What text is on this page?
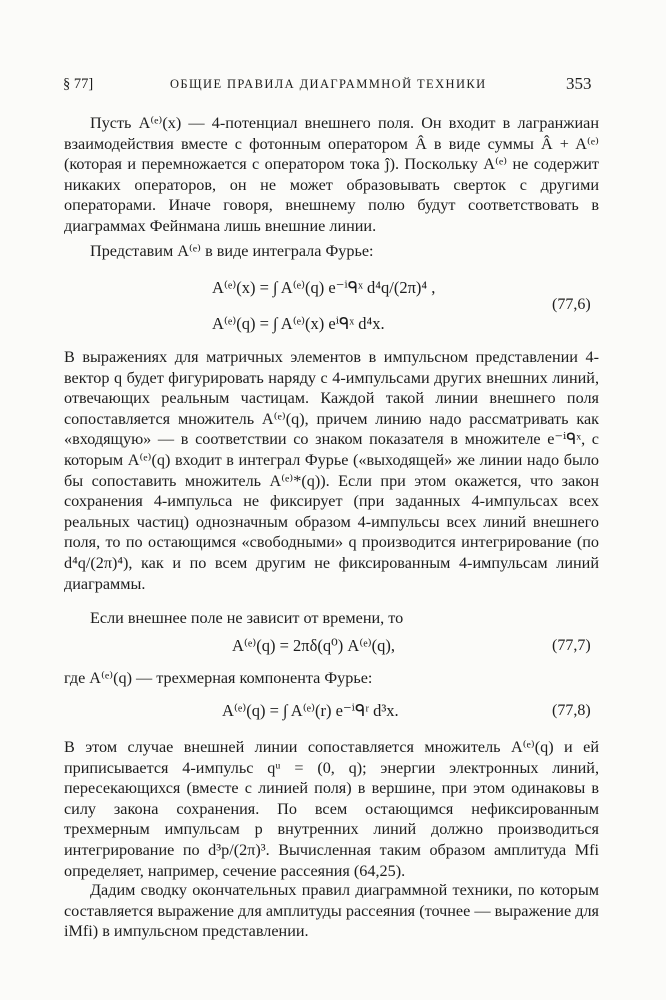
§ 77]	ОБЩИЕ ПРАВИЛА ДИАГРАММНОЙ ТЕХНИКИ	353

Пусть A⁽ᵉ⁾(x) — 4-потенциал внешнего поля. Он входит в лагранжиан взаимодействия вместе с фотонным оператором Â в виде суммы Â + A⁽ᵉ⁾ (которая и перемножается с оператором тока ĵ). Поскольку A⁽ᵉ⁾ не содержит никаких операторов, он не может образовывать сверток с другими операторами. Иначе говоря, внешнему полю будут соответствовать в диаграммах Фейнмана лишь внешние линии.

Представим A⁽ᵉ⁾ в виде интеграла Фурье:

A⁽ᵉ⁾(x) = ∫ A⁽ᵉ⁾(q) e⁻ⁱᑫˣ d⁴q/(2π)⁴ ,
A⁽ᵉ⁾(q) = ∫ A⁽ᵉ⁾(x) eⁱᑫˣ d⁴x.
(77,6)

В выражениях для матричных элементов в импульсном представлении 4-вектор q будет фигурировать наряду с 4-импульсами других внешних линий, отвечающих реальным частицам. Каждой такой линии внешнего поля сопоставляется множитель A⁽ᵉ⁾(q), причем линию надо рассматривать как «входящую» — в соответствии со знаком показателя в множителе e⁻ⁱᑫˣ, с которым A⁽ᵉ⁾(q) входит в интеграл Фурье («выходящей» же линии надо было бы сопоставить множитель A⁽ᵉ⁾*(q)). Если при этом окажется, что закон сохранения 4-импульса не фиксирует (при заданных 4-импульсах всех реальных частиц) однозначным образом 4-импульсы всех линий внешнего поля, то по остающимся «свободными» q производится интегрирование (по d⁴q/(2π)⁴), как и по всем другим не фиксированным 4-импульсам линий диаграммы.

Если внешнее поле не зависит от времени, то

A⁽ᵉ⁾(q) = 2πδ(q⁰) A⁽ᵉ⁾(q),	(77,7)

где A⁽ᵉ⁾(q) — трехмерная компонента Фурье:

A⁽ᵉ⁾(q) = ∫ A⁽ᵉ⁾(r) e⁻ⁱᑫʳ d³x.	(77,8)

В этом случае внешней линии сопоставляется множитель A⁽ᵉ⁾(q) и ей приписывается 4-импульс qᵘ = (0, q); энергии электронных линий, пересекающихся (вместе с линией поля) в вершине, при этом одинаковы в силу закона сохранения. По всем остающимся нефиксированным трехмерным импульсам p внутренних линий должно производиться интегрирование по d³p/(2π)³. Вычисленная таким образом амплитуда Mfi определяет, например, сечение рассеяния (64,25).

Дадим сводку окончательных правил диаграммной техники, по которым составляется выражение для амплитуды рассеяния (точнее — выражение для iMfi) в импульсном представлении.
